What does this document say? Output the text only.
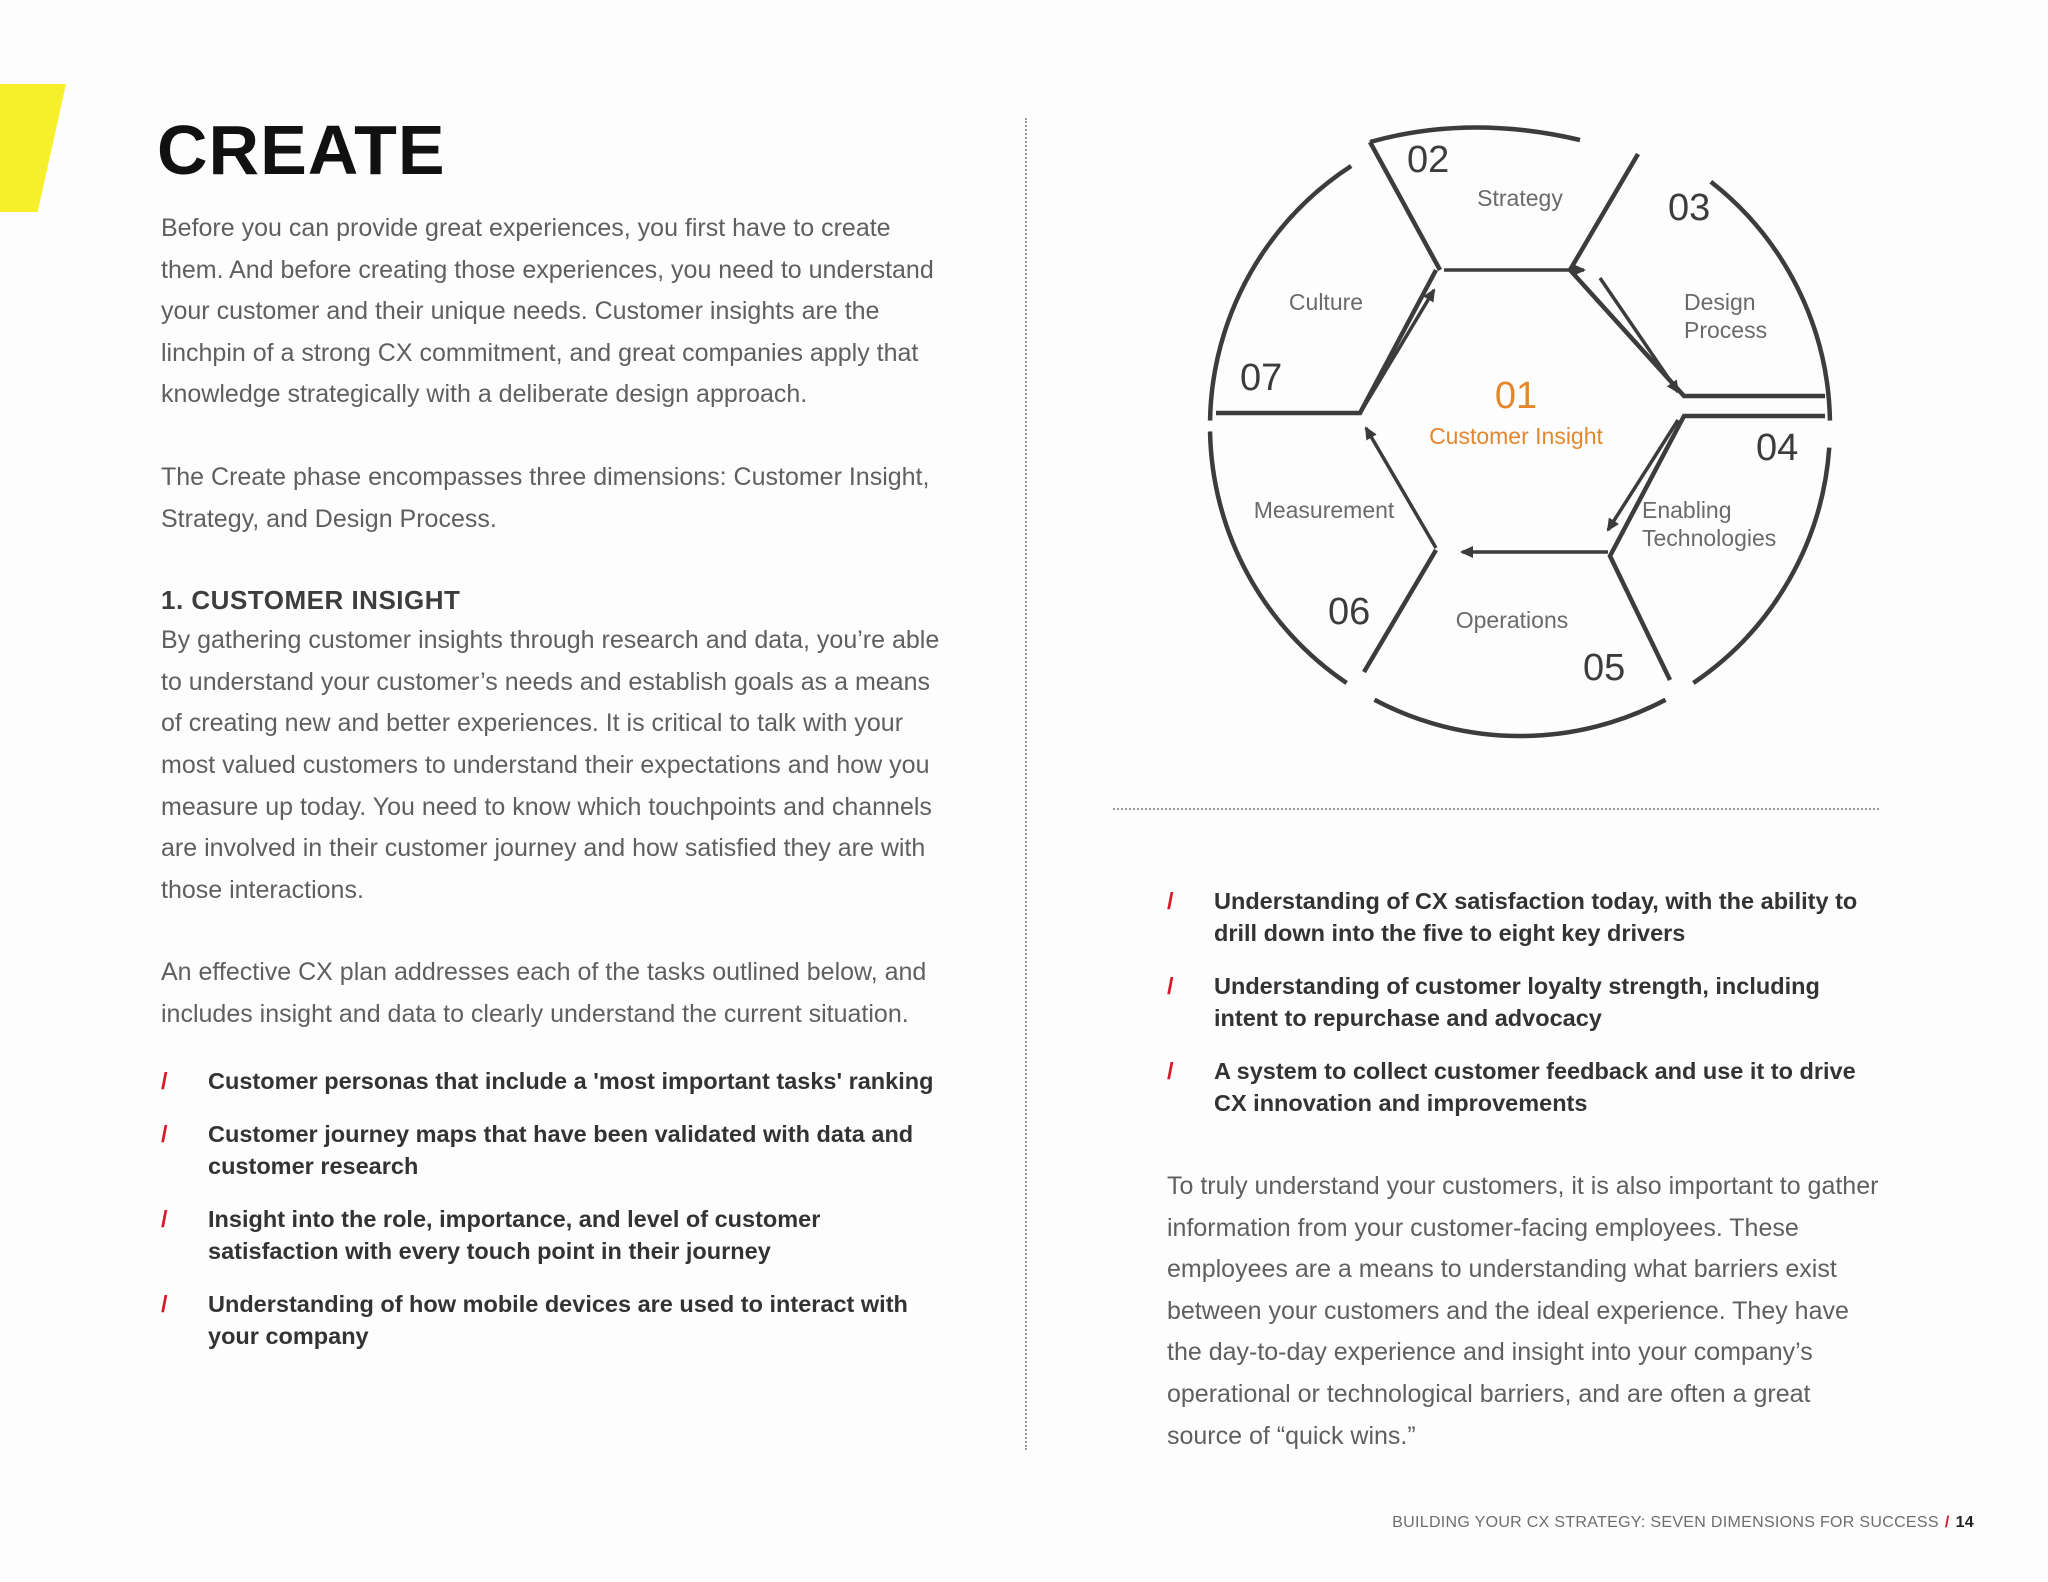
CREATE

Before you can provide great experiences, you first have to create them. And before creating those experiences, you need to understand your customer and their unique needs. Customer insights are the linchpin of a strong CX commitment, and great companies apply that knowledge strategically with a deliberate design approach.

The Create phase encompasses three dimensions: Customer Insight, Strategy, and Design Process.

1. CUSTOMER INSIGHT

By gathering customer insights through research and data, you’re able to understand your customer’s needs and establish goals as a means of creating new and better experiences. It is critical to talk with your most valued customers to understand their expectations and how you measure up today. You need to know which touchpoints and channels are involved in their customer journey and how satisfied they are with those interactions.

An effective CX plan addresses each of the tasks outlined below, and includes insight and data to clearly understand the current situation.

/ Customer personas that include a 'most important tasks' ranking
/ Customer journey maps that have been validated with data and customer research
/ Insight into the role, importance, and level of customer satisfaction with every touch point in their journey
/ Understanding of how mobile devices are used to interact with your company
02
03
04
05
06
07
Strategy
Design
Process
Enabling
Technologies
Operations
Measurement
Culture
01
Customer Insight
/ Understanding of CX satisfaction today, with the ability to drill down into the five to eight key drivers
/ Understanding of customer loyalty strength, including intent to repurchase and advocacy
/ A system to collect customer feedback and use it to drive CX innovation and improvements

To truly understand your customers, it is also important to gather information from your customer-facing employees. These employees are a means to understanding what barriers exist between your customers and the ideal experience. They have the day-to-day experience and insight into your company’s operational or technological barriers, and are often a great source of “quick wins.”

BUILDING YOUR CX STRATEGY: SEVEN DIMENSIONS FOR SUCCESS / 14
